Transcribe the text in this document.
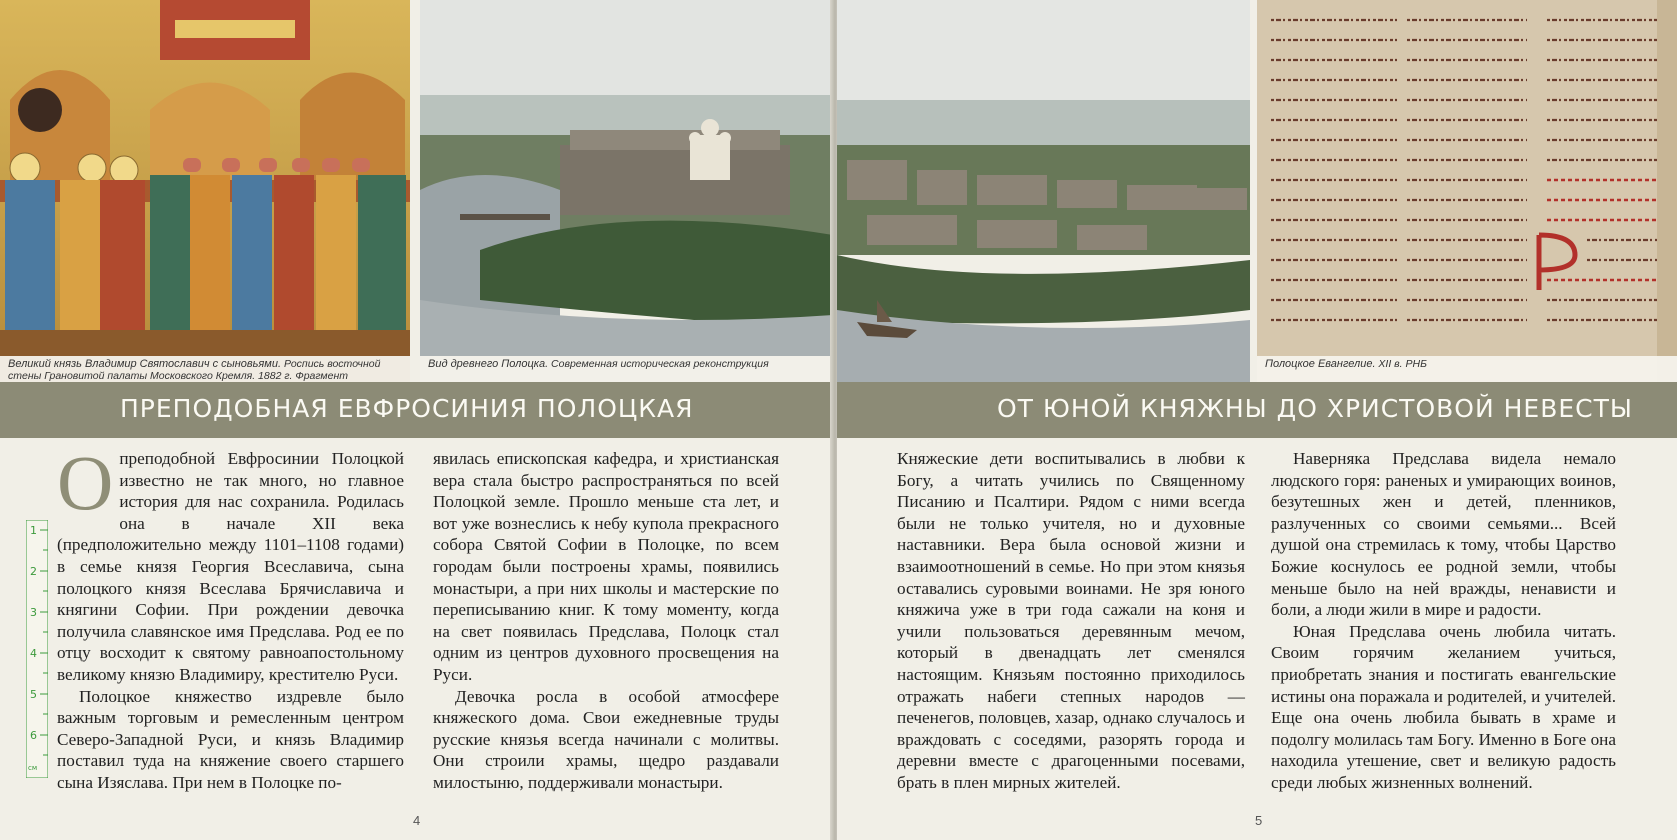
Великий князь Владимир Святославич с сыновьями. Роспись восточной стены Грановитой палаты Московского Кремля. 1882 г. Фрагмент
Вид древнего Полоцка. Современная историческая реконструкция
ПРЕПОДОБНАЯ ЕВФРОСИНИЯ ПОЛОЦКАЯ
1
2
3
4
5
6
см

Опреподобной Евфросинии Полоцкой известно не так много, но главное история для нас сохранила. Родилась она в начале XII века (предположительно между 1101–1108 годами) в семье князя Георгия Всеславича, сына полоцкого князя Всеслава Брячиславича и княгини Софии. При рождении девочка получила славянское имя Предслава. Род ее по отцу восходит к святому равноапостольному великому князю Владимиру, крестителю Руси.

Полоцкое княжество издревле было важным торговым и ремесленным центром Северо-Западной Руси, и князь Владимир поставил туда на княжение своего старшего сына Изяслава. При нем в Полоцке по-

явилась епископская кафедра, и христианская вера стала быстро распространяться по всей Полоцкой земле. Прошло меньше ста лет, и вот уже вознеслись к небу купола прекрасного собора Святой Софии в Полоцке, по всем городам были построены храмы, появились монастыри, а при них школы и мастерские по переписыванию книг. К тому моменту, когда на свет появилась Предслава, Полоцк стал одним из центров духовного просвещения на Руси.

Девочка росла в особой атмосфере княжеского дома. Свои ежедневные труды русские князья всегда начинали с молитвы. Они строили храмы, щедро раздавали милостыню, поддерживали монастыри.

4
Полоцкое Евангелие. XII в. РНБ
ОТ ЮНОЙ КНЯЖНЫ ДО ХРИСТОВОЙ НЕВЕСТЫ

Княжеские дети воспитывались в любви к Богу, а читать учились по Священному Писанию и Псалтири. Рядом с ними всегда были не только учителя, но и духовные наставники. Вера была основой жизни и взаимоотношений в семье. Но при этом князья оставались суровыми воинами. Не зря юного княжича уже в три года сажали на коня и учили пользоваться деревянным мечом, который в двенадцать лет сменялся настоящим. Князьям постоянно приходилось отражать набеги степных народов — печенегов, половцев, хазар, однако случалось и враждовать с соседями, разорять города и деревни вместе с драгоценными посевами, брать в плен мирных жителей.

Наверняка Предслава видела немало людского горя: раненых и умирающих воинов, безутешных жен и детей, пленников, разлученных со своими семьями... Всей душой она стремилась к тому, чтобы Царство Божие коснулось ее родной земли, чтобы меньше было на ней вражды, ненависти и боли, а люди жили в мире и радости.

Юная Предслава очень любила читать. Своим горячим желанием учиться, приобретать знания и постигать евангельские истины она поражала и родителей, и учителей. Еще она очень любила бывать в храме и подолгу молилась там Богу. Именно в Боге она находила утешение, свет и великую радость среди любых жизненных волнений.

5
